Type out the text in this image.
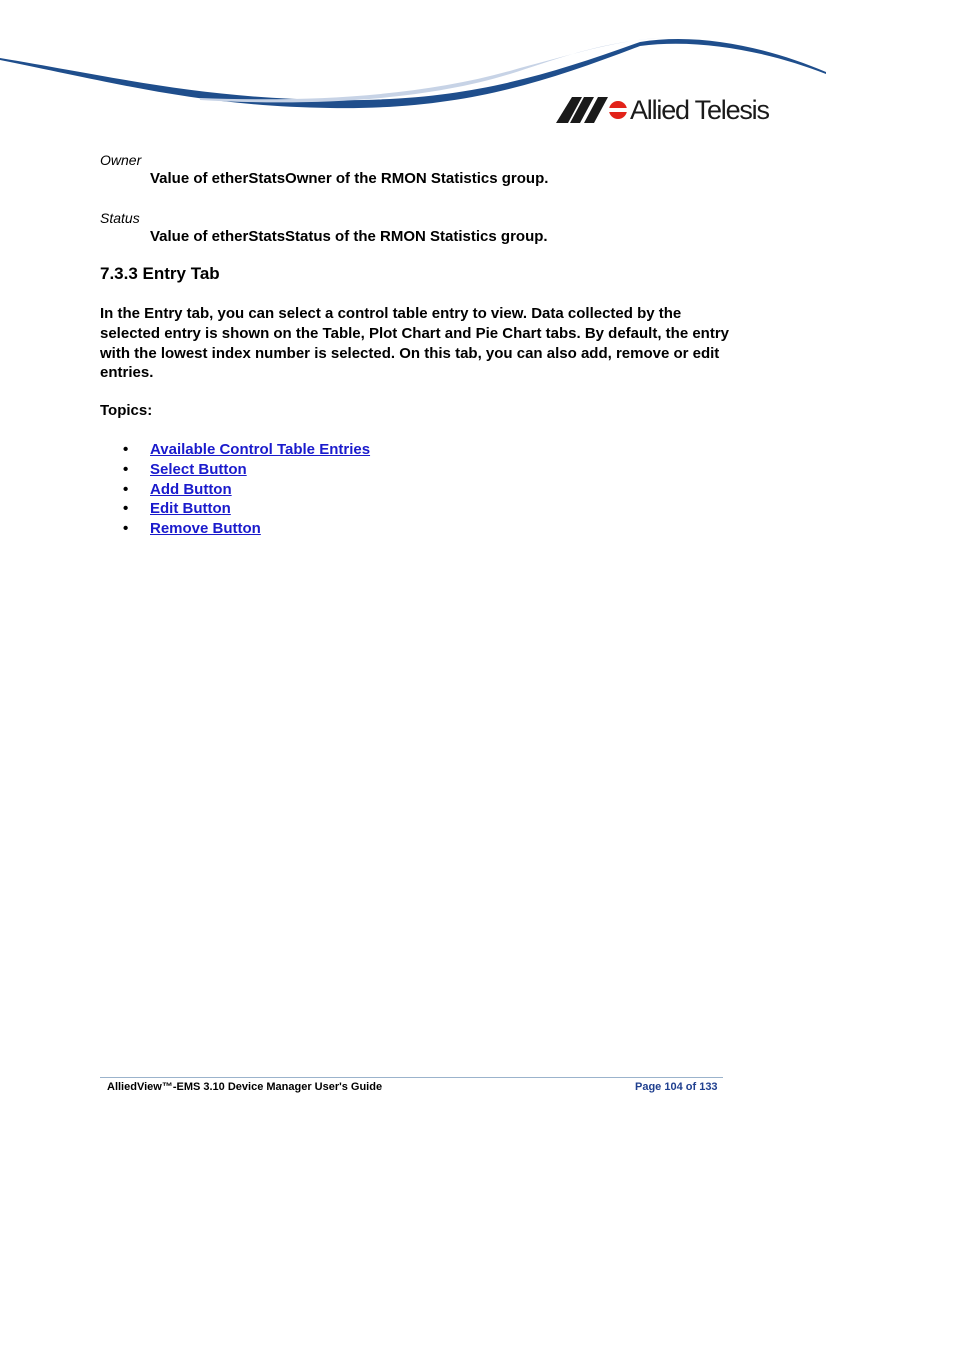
Allied Telesis
Owner
Value of etherStatsOwner of the RMON Statistics group.
Status
Value of etherStatsStatus of the RMON Statistics group.
7.3.3 Entry Tab
In the Entry tab, you can select a control table entry to view. Data collected by the selected entry is shown on the Table, Plot Chart and Pie Chart tabs. By default, the entry with the lowest index number is selected. On this tab, you can also add, remove or edit entries.
Topics:
• Available Control Table Entries
• Select Button
• Add Button
• Edit Button
• Remove Button
AlliedView™-EMS 3.10 Device Manager User's Guide	Page 104 of 133
